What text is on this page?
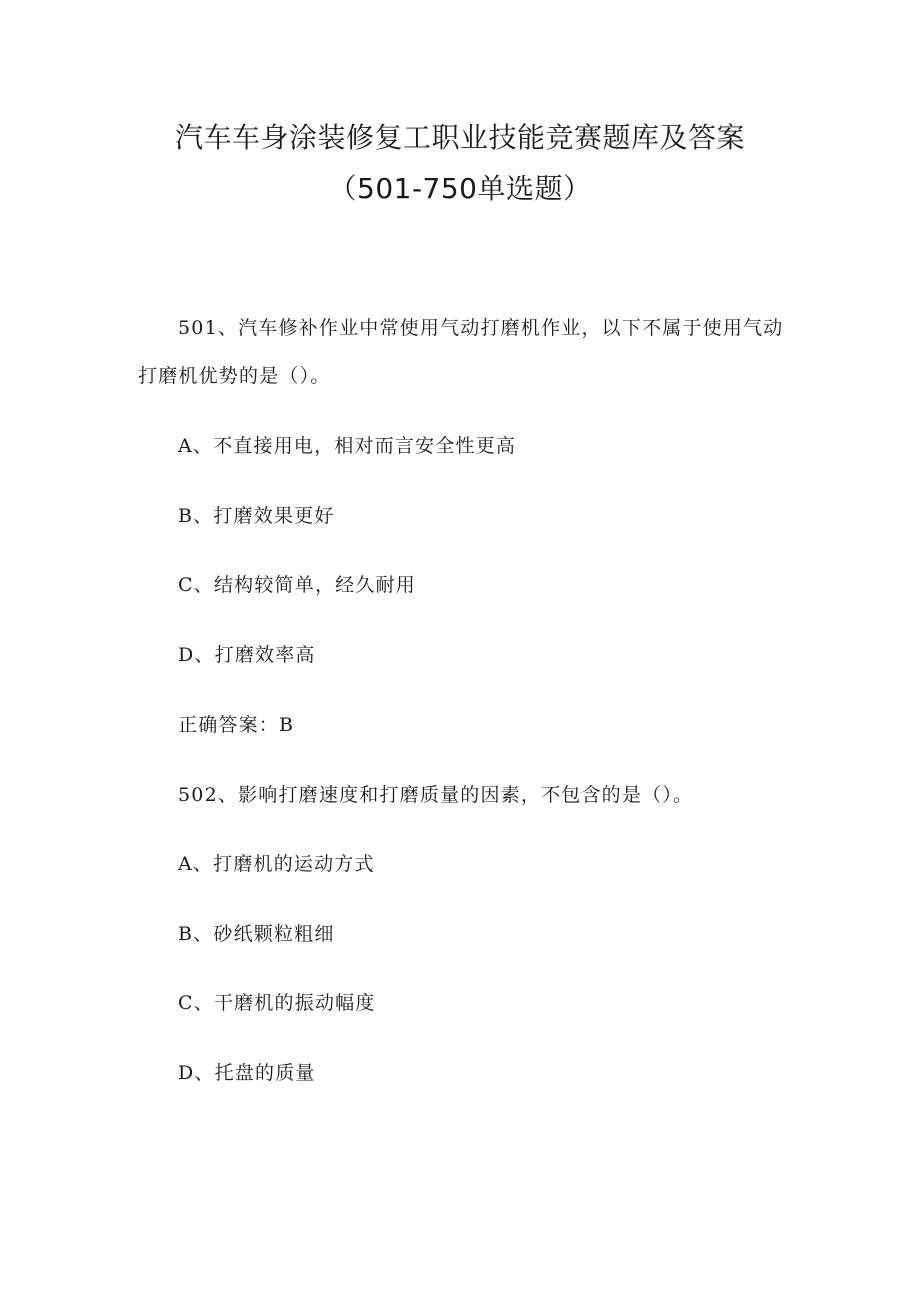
汽车车身涂装修复工职业技能竞赛题库及答案
（501-750单选题）
501、汽车修补作业中常使用气动打磨机作业，以下不属于使用气动
打磨机优势的是（）。
A、不直接用电，相对而言安全性更高
B、打磨效果更好
C、结构较简单，经久耐用
D、打磨效率高
正确答案：B
502、影响打磨速度和打磨质量的因素，不包含的是（）。
A、打磨机的运动方式
B、砂纸颗粒粗细
C、干磨机的振动幅度
D、托盘的质量
